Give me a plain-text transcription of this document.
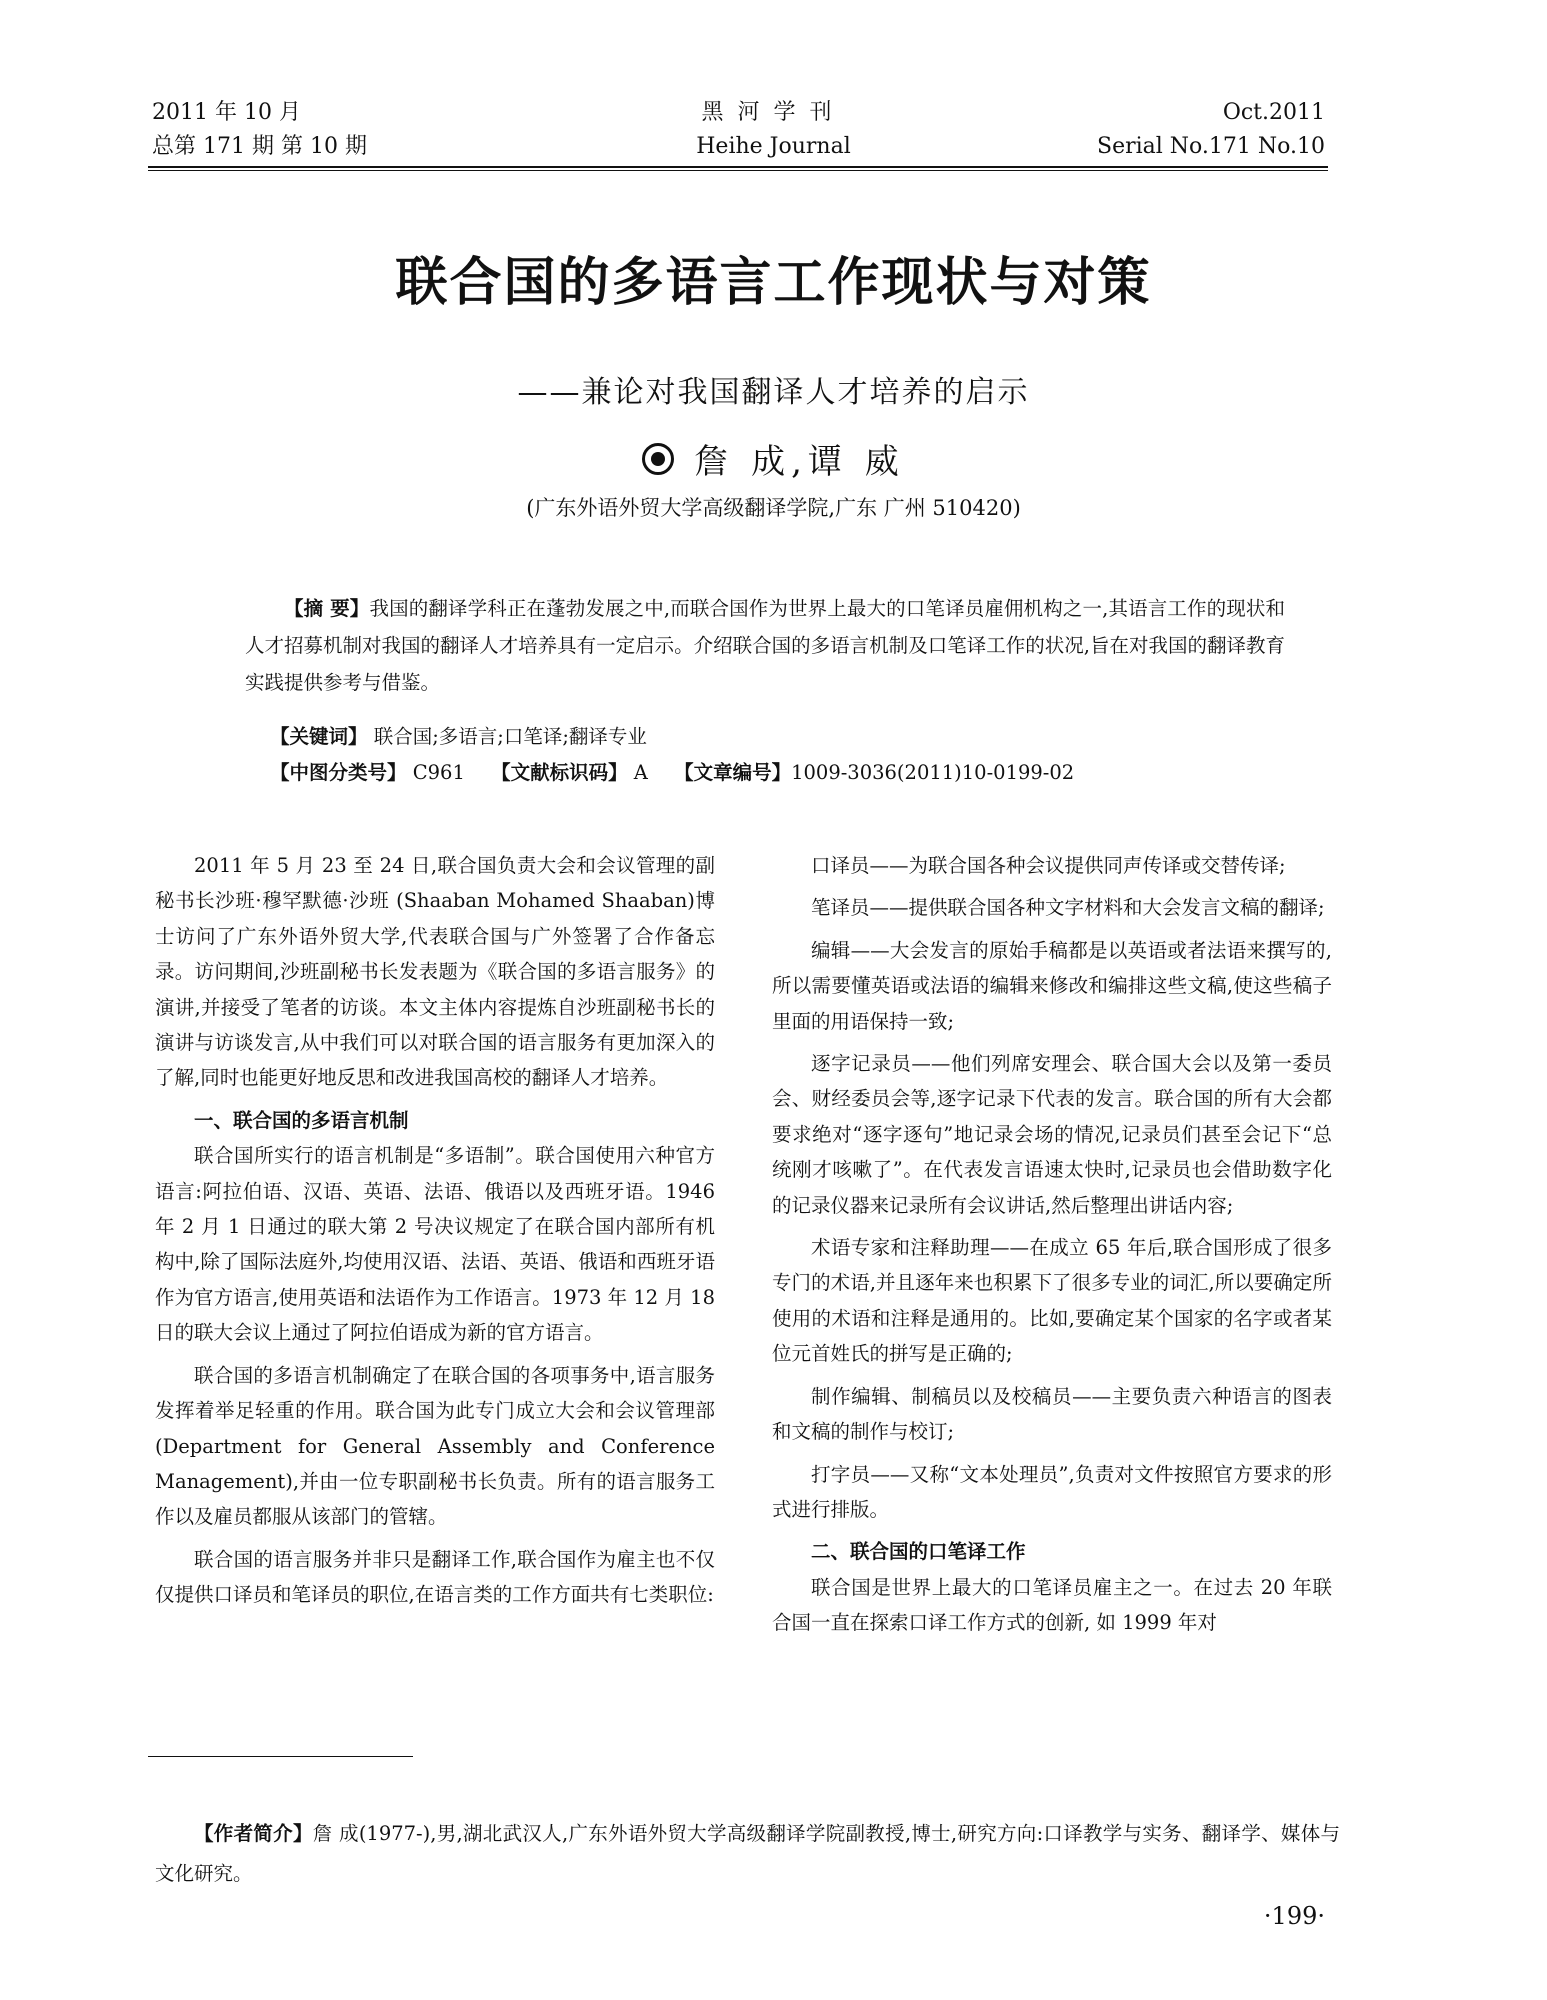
2011 年 10 月
总第 171 期 第 10 期
黑河学刊
Heihe Journal
Oct.2011
Serial No.171 No.10
联合国的多语言工作现状与对策
——兼论对我国翻译人才培养的启示
詹 成,谭 威
(广东外语外贸大学高级翻译学院,广东 广州 510420)
【摘 要】我国的翻译学科正在蓬勃发展之中,而联合国作为世界上最大的口笔译员雇佣机构之一,其语言工作的现状和人才招募机制对我国的翻译人才培养具有一定启示。介绍联合国的多语言机制及口笔译工作的状况,旨在对我国的翻译教育实践提供参考与借鉴。
【关键词】 联合国;多语言;口笔译;翻译专业
【中图分类号】 C961 【文献标识码】 A 【文章编号】1009-3036(2011)10-0199-02

2011 年 5 月 23 至 24 日,联合国负责大会和会议管理的副秘书长沙班·穆罕默德·沙班 (Shaaban Mohamed Shaaban)博士访问了广东外语外贸大学,代表联合国与广外签署了合作备忘录。访问期间,沙班副秘书长发表题为《联合国的多语言服务》的演讲,并接受了笔者的访谈。本文主体内容提炼自沙班副秘书长的演讲与访谈发言,从中我们可以对联合国的语言服务有更加深入的了解,同时也能更好地反思和改进我国高校的翻译人才培养。

一、联合国的多语言机制

联合国所实行的语言机制是“多语制”。联合国使用六种官方语言:阿拉伯语、汉语、英语、法语、俄语以及西班牙语。1946 年 2 月 1 日通过的联大第 2 号决议规定了在联合国内部所有机构中,除了国际法庭外,均使用汉语、法语、英语、俄语和西班牙语作为官方语言,使用英语和法语作为工作语言。1973 年 12 月 18 日的联大会议上通过了阿拉伯语成为新的官方语言。

联合国的多语言机制确定了在联合国的各项事务中,语言服务发挥着举足轻重的作用。联合国为此专门成立大会和会议管理部 (Department for General Assembly and Conference Management),并由一位专职副秘书长负责。所有的语言服务工作以及雇员都服从该部门的管辖。

联合国的语言服务并非只是翻译工作,联合国作为雇主也不仅仅提供口译员和笔译员的职位,在语言类的工作方面共有七类职位:

口译员——为联合国各种会议提供同声传译或交替传译;

笔译员——提供联合国各种文字材料和大会发言文稿的翻译;

编辑——大会发言的原始手稿都是以英语或者法语来撰写的,所以需要懂英语或法语的编辑来修改和编排这些文稿,使这些稿子里面的用语保持一致;

逐字记录员——他们列席安理会、联合国大会以及第一委员会、财经委员会等,逐字记录下代表的发言。联合国的所有大会都要求绝对“逐字逐句”地记录会场的情况,记录员们甚至会记下“总统刚才咳嗽了”。在代表发言语速太快时,记录员也会借助数字化的记录仪器来记录所有会议讲话,然后整理出讲话内容;

术语专家和注释助理——在成立 65 年后,联合国形成了很多专门的术语,并且逐年来也积累下了很多专业的词汇,所以要确定所使用的术语和注释是通用的。比如,要确定某个国家的名字或者某位元首姓氏的拼写是正确的;

制作编辑、制稿员以及校稿员——主要负责六种语言的图表和文稿的制作与校订;

打字员——又称“文本处理员”,负责对文件按照官方要求的形式进行排版。

二、联合国的口笔译工作

联合国是世界上最大的口笔译员雇主之一。在过去 20 年联合国一直在探索口译工作方式的创新, 如 1999 年对

【作者简介】詹 成(1977-),男,湖北武汉人,广东外语外贸大学高级翻译学院副教授,博士,研究方向:口译教学与实务、翻译学、媒体与文化研究。
·199·
